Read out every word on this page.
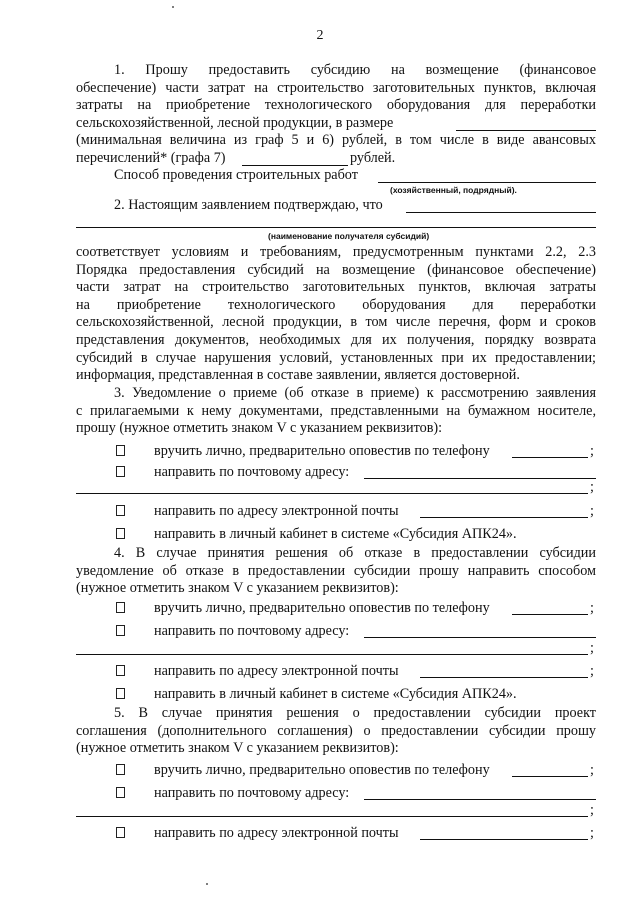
2
1. Прошу предоставить субсидию на возмещение (финансовое
обеспечение) части затрат на строительство заготовительных пунктов, включая
затраты на приобретение технологического оборудования для переработки
сельскохозяйственной, лесной продукции, в размере
(минимальная величина из граф 5 и 6) рублей, в том числе в виде авансовых
перечислений* (графа 7)	рублей.
Способ проведения строительных работ
(хозяйственный, подрядный).
2. Настоящим заявлением подтверждаю, что
(наименование получателя субсидий)
соответствует условиям и требованиям, предусмотренным пунктами 2.2, 2.3
Порядка предоставления субсидий на возмещение (финансовое обеспечение)
части затрат на строительство заготовительных пунктов, включая затраты
на приобретение технологического оборудования для переработки
сельскохозяйственной, лесной продукции, в том числе перечня, форм и сроков
представления документов, необходимых для их получения, порядку возврата
субсидий в случае нарушения условий, установленных при их предоставлении;
информация, представленная в составе заявлении, является достоверной.
3. Уведомление о приеме (об отказе в приеме) к рассмотрению заявления
с прилагаемыми к нему документами, представленными на бумажном носителе,
прошу (нужное отметить знаком V с указанием реквизитов):
вручить лично, предварительно оповестив по телефону	;
направить по почтовому адресу:
;
направить по адресу электронной почты	;
направить в личный кабинет в системе «Субсидия АПК24».
4. В случае принятия решения об отказе в предоставлении субсидии
уведомление об отказе в предоставлении субсидии прошу направить способом
(нужное отметить знаком V с указанием реквизитов):
вручить лично, предварительно оповестив по телефону	;
направить по почтовому адресу:
;
направить по адресу электронной почты	;
направить в личный кабинет в системе «Субсидия АПК24».
5. В случае принятия решения о предоставлении субсидии проект
соглашения (дополнительного соглашения) о предоставлении субсидии прошу
(нужное отметить знаком V с указанием реквизитов):
вручить лично, предварительно оповестив по телефону	;
направить по почтовому адресу:
;
направить по адресу электронной почты	;
